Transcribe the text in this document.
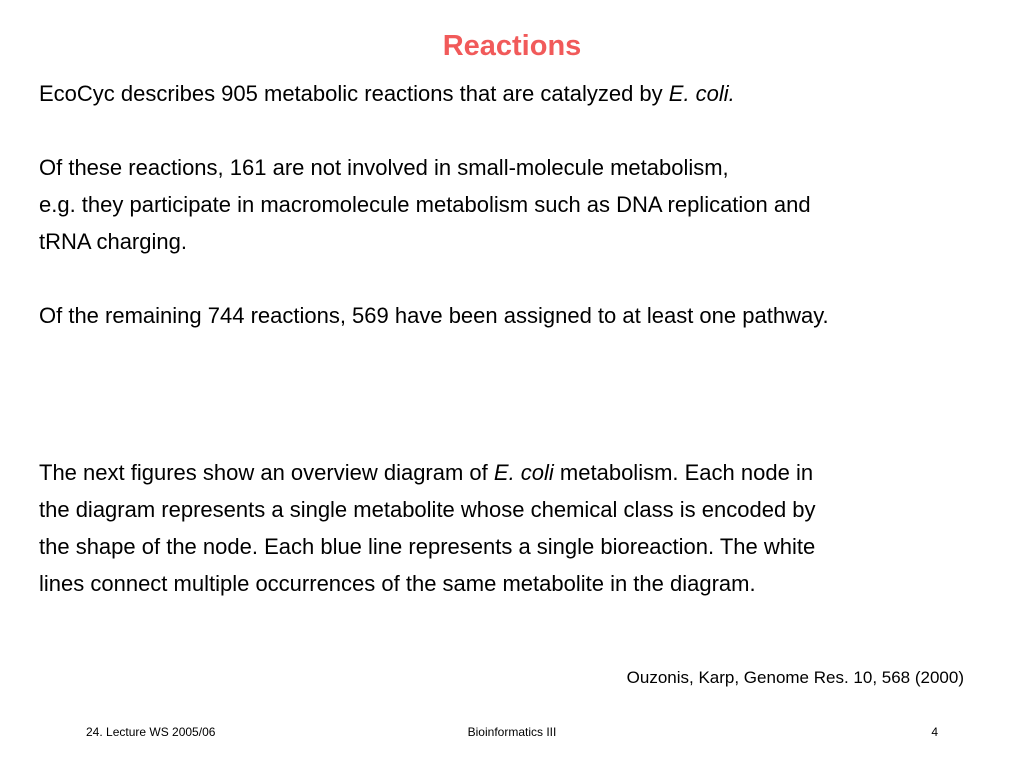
Reactions
EcoCyc describes 905 metabolic reactions that are catalyzed by E. coli.
Of these reactions, 161 are not involved in small-molecule metabolism,
e.g. they participate in macromolecule metabolism such as DNA replication and
tRNA charging.
Of the remaining 744 reactions, 569 have been assigned to at least one pathway.
The next figures show an overview diagram of E. coli metabolism. Each node in
the diagram represents a single metabolite whose chemical class is encoded by
the shape of the node. Each blue line represents a single bioreaction. The white
lines connect multiple occurrences of the same metabolite in the diagram.
Ouzonis, Karp, Genome Res. 10, 568 (2000)
24. Lecture WS 2005/06	Bioinformatics III	4
